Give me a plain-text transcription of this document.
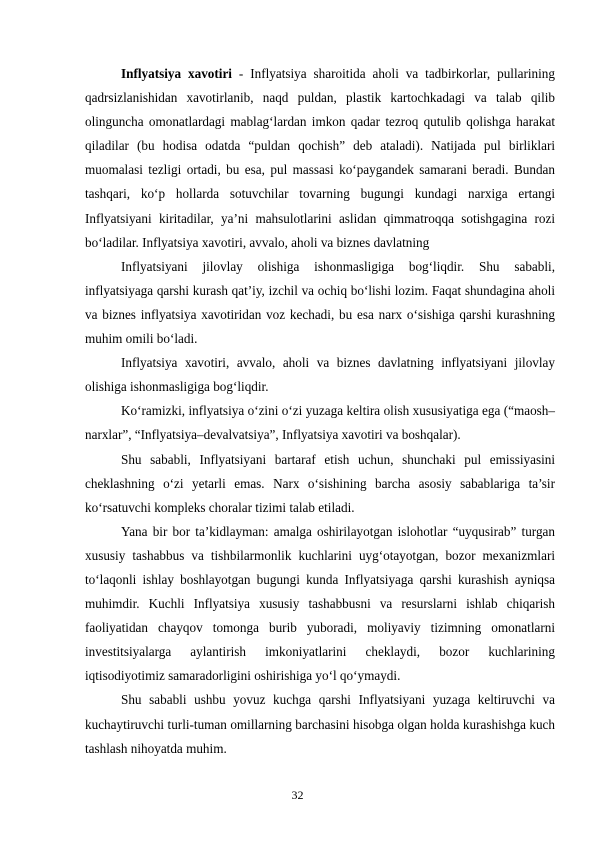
Inflyatsiya xavotiri - Inflyatsiya sharoitida aholi va tadbirkorlar, pullarining qadrsizlanishidan xavotirlanib, naqd puldan, plastik kartochkadagi va talab qilib olinguncha omonatlardagi mablag‘lardan imkon qadar tezroq qutulib qolishga harakat qiladilar (bu hodisa odatda “puldan qochish” deb ataladi). Natijada pul birliklari muomalasi tezligi ortadi, bu esa, pul massasi ko‘paygandek samarani beradi. Bundan tashqari, ko‘p hollarda sotuvchilar tovarning bugungi kundagi narxiga ertangi Inflyatsiyani kiritadilar, ya’ni mahsulotlarini aslidan qimmatroqqa sotishgagina rozi bo‘ladilar. Inflyatsiya xavotiri, avvalo, aholi va biznes davlatning

Inflyatsiyani jilovlay olishiga ishonmasligiga bog‘liqdir. Shu sababli, inflyatsiyaga qarshi kurash qat’iy, izchil va ochiq bo‘lishi lozim. Faqat shundagina aholi va biznes inflyatsiya xavotiridan voz kechadi, bu esa narx o‘sishiga qarshi kurashning muhim omili bo‘ladi.

Inflyatsiya xavotiri, avvalo, aholi va biznes davlatning inflyatsiyani jilovlay olishiga ishonmasligiga bog‘liqdir.

Ko‘ramizki, inflyatsiya o‘zini o‘zi yuzaga keltira olish xususiyatiga ega (“maosh–narxlar”, “Inflyatsiya–devalvatsiya”, Inflyatsiya xavotiri va boshqalar).

Shu sababli, Inflyatsiyani bartaraf etish uchun, shunchaki pul emissiyasini cheklashning o‘zi yetarli emas. Narx o‘sishining barcha asosiy sabablariga ta’sir ko‘rsatuvchi kompleks choralar tizimi talab etiladi.

Yana bir bor ta’kidlayman: amalga oshirilayotgan islohotlar “uyqusirab” turgan xususiy tashabbus va tishbilarmonlik kuchlarini uyg‘otayotgan, bozor mexanizmlari to‘laqonli ishlay boshlayotgan bugungi kunda Inflyatsiyaga qarshi kurashish ayniqsa muhimdir. Kuchli Inflyatsiya xususiy tashabbusni va resurslarni ishlab chiqarish faoliyatidan chayqov tomonga burib yuboradi, moliyaviy tizimning omonatlarni investitsiyalarga aylantirish imkoniyatlarini cheklaydi, bozor kuchlarining iqtisodiyotimiz samaradorligini oshirishiga yo‘l qo‘ymaydi.

Shu sababli ushbu yovuz kuchga qarshi Inflyatsiyani yuzaga keltiruvchi va kuchaytiruvchi turli-tuman omillarning barchasini hisobga olgan holda kurashishga kuch tashlash nihoyatda muhim.

32
